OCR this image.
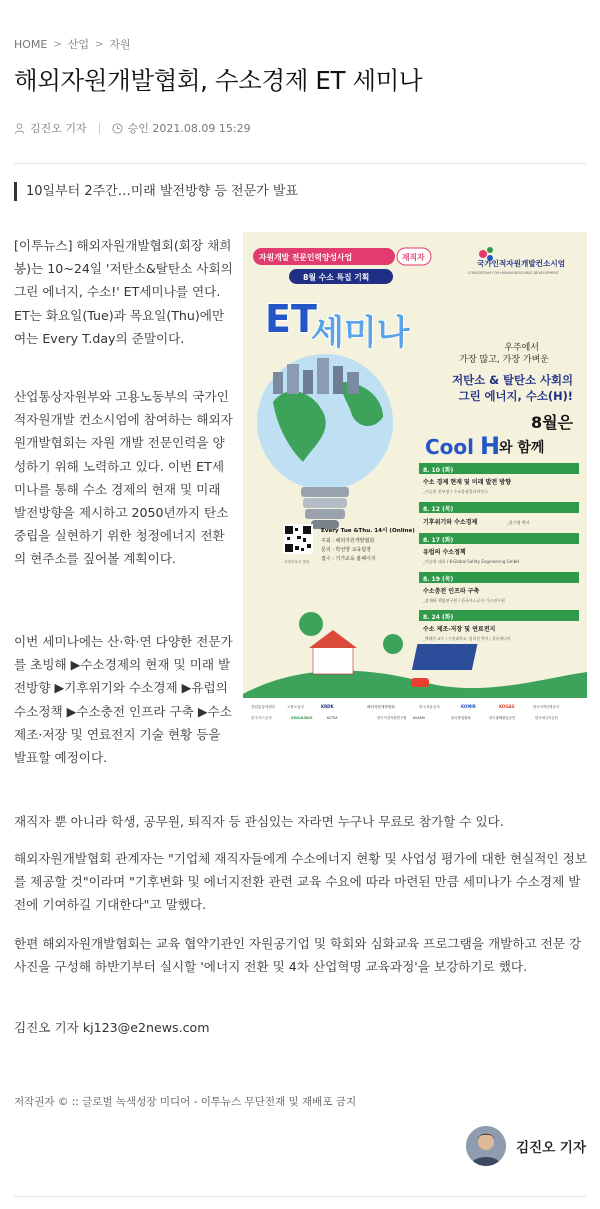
HOME > 산업 > 자원
해외자원개발협회, 수소경제 ET 세미나
김진오 기자	승인 2021.08.09 15:29
10일부터 2주간…미래 발전방향 등 전문가 발표

[이투뉴스] 해외자원개발협회(회장 채희봉)는 10~24일 '저탄소&탈탄소 사회의 그린 에너지, 수소!' ET세미나를 연다. ET는 화요일(Tue)과 목요일(Thu)에만 여는 Every T.day의 준말이다.

산업통상자원부와 고용노동부의 국가인적자원개발 컨소시엄에 참여하는 해외자원개발협회는 자원 개발 전문인력을 양성하기 위해 노력하고 있다. 이번 ET세미나를 통해 수소 경제의 현재 및 미래 발전방향을 제시하고 2050년까지 탄소중립을 실현하기 위한 청정에너지 전환의 현주소를 짚어볼 계획이다.

이번 세미나에는 산·학·연 다양한 전문가를 초빙해 ▶수소경제의 현재 및 미래 발전방향 ▶기후위기와 수소경제 ▶유럽의 수소정책 ▶수소충전 인프라 구축 ▶수소 제조·저장 및 연료전지 기술 현황 등을 발표할 예정이다.

재직자 뿐 아니라 학생, 공무원, 퇴직자 등 관심있는 자라면 누구나 무료로 참가할 수 있다.

해외자원개발협회 관계자는 "기업체 재직자들에게 수소에너지 현황 및 사업성 평가에 대한 현실적인 정보를 제공할 것"이라며 "기후변화 및 에너지전환 관련 교육 수요에 따라 마련된 만큼 세미나가 수소경제 발전에 기여하길 기대한다"고 말했다.

한편 해외자원개발협회는 교육 협약기관인 자원공기업 및 학회와 심화교육 프로그램을 개발하고 전문 강사진을 구성해 하반기부터 실시할 '에너지 전환 및 4차 산업혁명 교육과정'을 보강하기로 했다.

김진오 기자 kj123@e2news.com

자원개발 전문인력양성사업	재직자
8월 수소 특집 기획
국가인적자원개발컨소시엄
CONSORTIUM FOR HUMAN RESOURCE DEVELOPMENT
ET
세미나	우주에서
가장 많고, 가장 가벼운
저탄소 & 탈탄소 사회의
그린 에너지, 수소(H)!
8월은
Cool H
와 함께
Every Tue &Thu. 14시 (Online)
주최 : 해외자원개발협회
문의 : 박선영 교육팀장
접수 : 기가교육 홈페이지
자세히보기 클릭
8. 10 (화)
수소 경제 현재 및 미래 발전 방향
_이승훈 본부장 / 수소융합얼라이언스
8. 12 (목)
기후위기와 수소경제	_윤기영 박사
8. 17 (화)
유럽의 수소정책
_이승현 대표 / K-Global Safety Engineering GmbH
8. 19 (목)
수소충전 인프라 구축
_장재하 책임연구원 / 한국가스공사 가스연구원
8. 24 (화)
수소 제조·저장 및 연료전지
_백대현 교수 / 수원대학교, 임희천 박사 / 블룸에너지
산업통상자원부	고용노동부	KRDK	해외자원개발협회	한국석유공사	KOMIR	KOGAS	한국지역난방공사
한국가스공사	SEOULBUS	KOTIA	한국지질자원연구원 KIGAM	한국광업협회	한국광해광업공단	한국에너지공단
저작권자 © :: 글로벌 녹색성장 미디어 - 이투뉴스 무단전재 및 재배포 금지
김진오 기자
